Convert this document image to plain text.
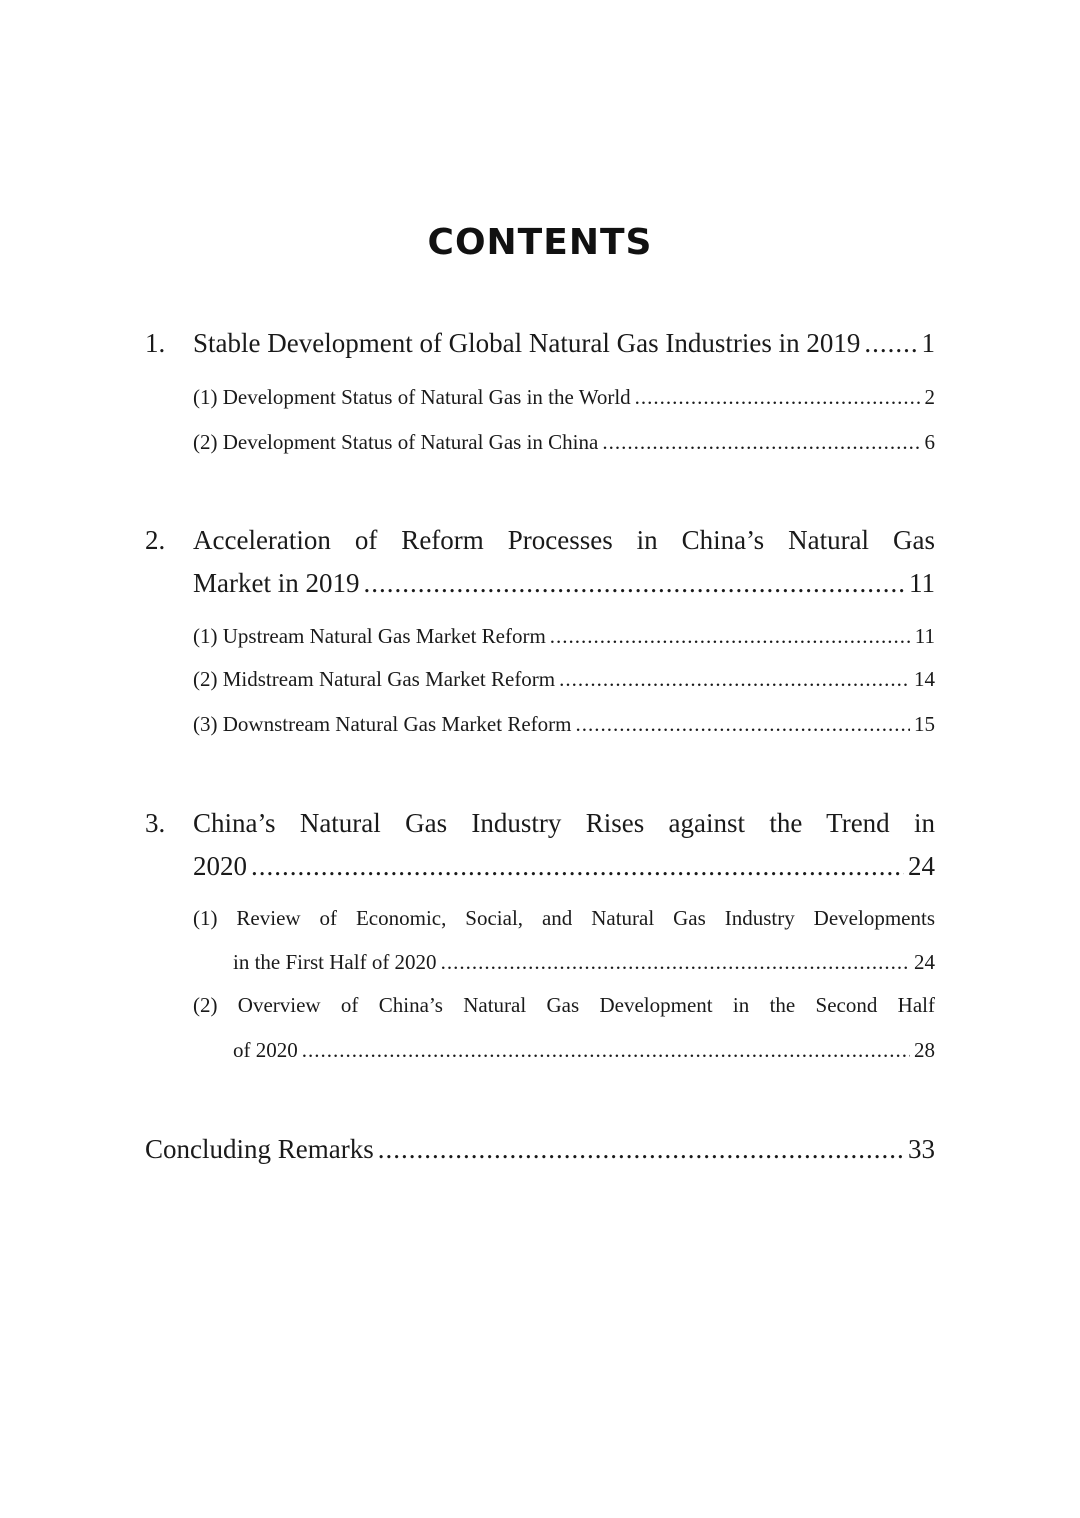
CONTENTS
1. Stable Development of Global Natural Gas Industries in 2019 ..... 1
(1) Development Status of Natural Gas in the World .....	2
(2) Development Status of Natural Gas in China .....	6
2. Acceleration of Reform Processes in China’s Natural Gas
Market in 2019 .....	11
(1) Upstream Natural Gas Market Reform .....	11
(2) Midstream Natural Gas Market Reform .....	14
(3) Downstream Natural Gas Market Reform .....	15
3. China’s Natural Gas Industry Rises against the Trend in
2020 .....	24
(1) Review of Economic, Social, and Natural Gas Industry Developments
in the First Half of 2020 .....	24
(2) Overview of China’s Natural Gas Development in the Second Half
of 2020 .....	28
Concluding Remarks .....	33
